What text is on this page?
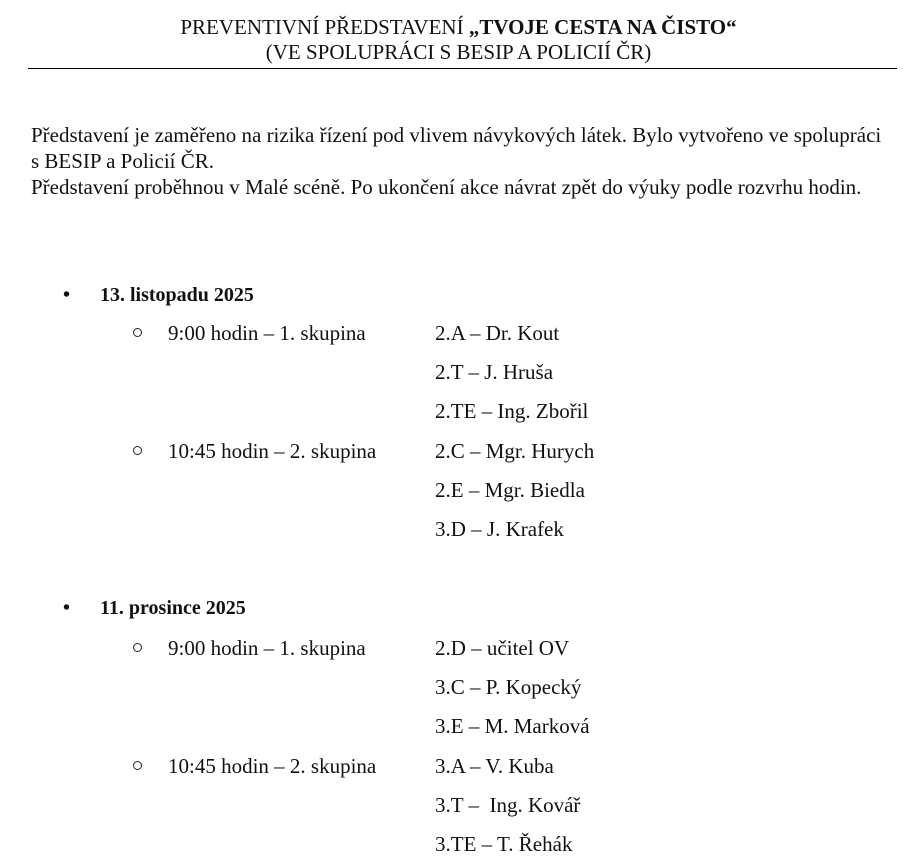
PREVENTIVNÍ PŘEDSTAVENÍ „TVOJE CESTA NA ČISTO“
(VE SPOLUPRÁCI S BESIP A POLICIÍ ČR)
Představení je zaměřeno na rizika řízení pod vlivem návykových látek. Bylo vytvořeno ve spolupráci s BESIP a Policií ČR.
Představení proběhnou v Malé scéně. Po ukončení akce návrat zpět do výuky podle rozvrhu hodin.
• 13. listopadu 2025
9:00 hodin – 1. skupina	2.A – Dr. Kout
2.T – J. Hruša
2.TE – Ing. Zbořil
10:45 hodin – 2. skupina	2.C – Mgr. Hurych
2.E – Mgr. Biedla
3.D – J. Krafek
• 11. prosince 2025
9:00 hodin – 1. skupina	2.D – učitel OV
3.C – P. Kopecký
3.E – M. Marková
10:45 hodin – 2. skupina	3.A – V. Kuba
3.T –  Ing. Kovář
3.TE – T. Řehák
